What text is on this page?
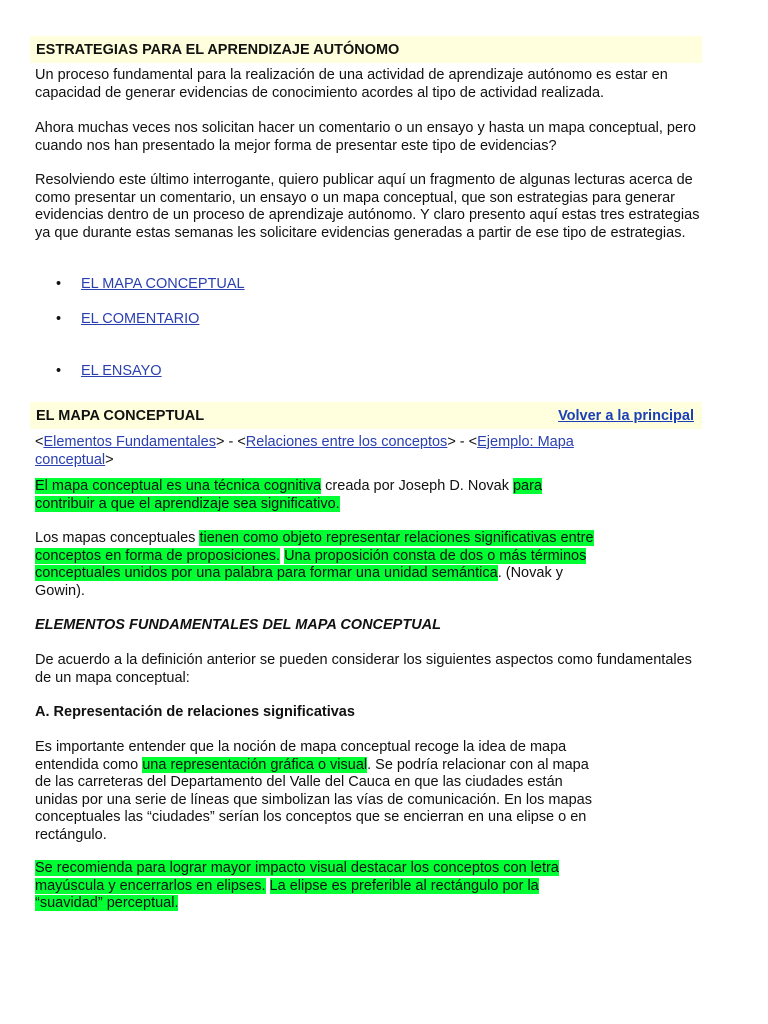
ESTRATEGIAS PARA EL APRENDIZAJE AUTÓNOMO

Un proceso fundamental para la realización de una actividad de aprendizaje autónomo es estar en capacidad de generar evidencias de conocimiento acordes al tipo de actividad realizada.

Ahora muchas veces nos solicitan hacer un comentario o un ensayo y hasta un mapa conceptual, pero cuando nos han presentado la mejor forma de presentar este tipo de evidencias?

Resolviendo este último interrogante, quiero publicar aquí un fragmento de algunas lecturas acerca de como presentar un comentario, un ensayo o un mapa conceptual, que son estrategias para generar evidencias dentro de un proceso de aprendizaje autónomo. Y claro presento aquí estas tres estrategias ya que durante estas semanas les solicitare evidencias generadas a partir de ese tipo de estrategias.

• EL MAPA CONCEPTUAL
• EL COMENTARIO
• EL ENSAYO
EL MAPA CONCEPTUAL	Volver a la principal

<Elementos Fundamentales> - <Relaciones entre los conceptos> - <Ejemplo: Mapa
conceptual>

El mapa conceptual es una técnica cognitiva creada por Joseph D. Novak para
contribuir a que el aprendizaje sea significativo.

Los mapas conceptuales tienen como objeto representar relaciones significativas entre
conceptos en forma de proposiciones. Una proposición consta de dos o más términos
conceptuales unidos por una palabra para formar una unidad semántica. (Novak y
Gowin).

ELEMENTOS FUNDAMENTALES DEL MAPA CONCEPTUAL

De acuerdo a la definición anterior se pueden considerar los siguientes aspectos como fundamentales de un mapa conceptual:

A. Representación de relaciones significativas

Es importante entender que la noción de mapa conceptual recoge la idea de mapa
entendida como una representación gráfica o visual. Se podría relacionar con al mapa
de las carreteras del Departamento del Valle del Cauca en que las ciudades están
unidas por una serie de líneas que simbolizan las vías de comunicación. En los mapas
conceptuales las “ciudades” serían los conceptos que se encierran en una elipse o en
rectángulo.

Se recomienda para lograr mayor impacto visual destacar los conceptos con letra
mayúscula y encerrarlos en elipses. La elipse es preferible al rectángulo por la
“suavidad” perceptual.
